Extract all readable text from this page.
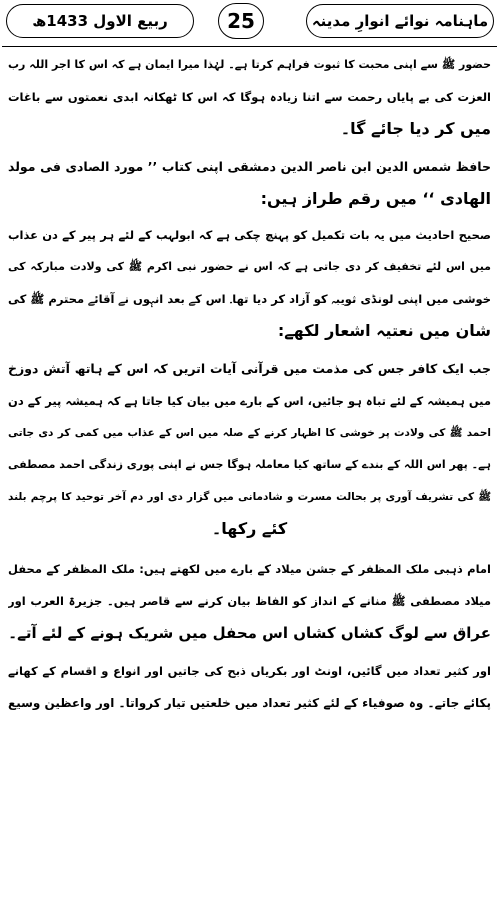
ربیع الاول 1433ھ	25	ماہنامہ نوائے انوارِ مدینہ
حضور ﷺ سے اپنی محبت کا ثبوت فراہم کرتا ہے۔ لہٰذا میرا ایمان ہے کہ اس کا اجر اللہ رب
العزت کی بے پایاں رحمت سے اتنا زیادہ ہوگا کہ اس کا ٹھکانہ ابدی نعمتوں سے باغات
میں کر دیا جائے گا۔
حافظ شمس الدین ابن ناصر الدین دمشقی اپنی کتاب ’’ مورد الصادی فی مولد
الھادی ‘‘ میں رقم طراز ہیں:
صحیح احادیث میں یہ بات تکمیل کو پہنچ چکی ہے کہ ابولہب کے لئے ہر پیر کے دن عذاب
میں اس لئے تخفیف کر دی جاتی ہے کہ اس نے حضور نبی اکرم ﷺ کی ولادت مبارکہ کی
خوشی میں اپنی لونڈی ثویبہ کو آزاد کر دیا تھا۔ اس کے بعد انہوں نے آقائے محترم ﷺ کی
شان میں نعتیہ اشعار لکھے:
جب ایک کافر جس کی مذمت میں قرآنی آیات اتریں کہ اس کے ہاتھ آتش دوزخ
میں ہمیشہ کے لئے تباہ ہو جائیں، اس کے بارے میں بیان کیا جاتا ہے کہ ہمیشہ پیر کے دن
احمد ﷺ کی ولادت پر خوشی کا اظہار کرنے کے صلہ میں اس کے عذاب میں کمی کر دی جاتی
ہے۔ پھر اس اللہ کے بندے کے ساتھ کیا معاملہ ہوگا جس نے اپنی پوری زندگی احمد مصطفی
ﷺ کی تشریف آوری پر بحالت مسرت و شادمانی میں گزار دی اور دم آخر توحید کا پرچم بلند
کئے رکھا۔
امام ذہبی ملک المظفر کے جشن میلاد کے بارے میں لکھتے ہیں: ملک المظفر کے محفل
میلاد مصطفی ﷺ منانے کے انداز کو الفاظ بیان کرنے سے قاصر ہیں۔ جزیرۃ العرب اور
عراق سے لوگ کشاں کشاں اس محفل میں شریک ہونے کے لئے آتے۔
اور کثیر تعداد میں گائیں، اونٹ اور بکریاں ذبح کی جاتیں اور انواع و اقسام کے کھانے
پکائے جاتے۔ وہ صوفیاء کے لئے کثیر تعداد میں خلعتیں تیار کرواتا۔ اور واعظین وسیع
